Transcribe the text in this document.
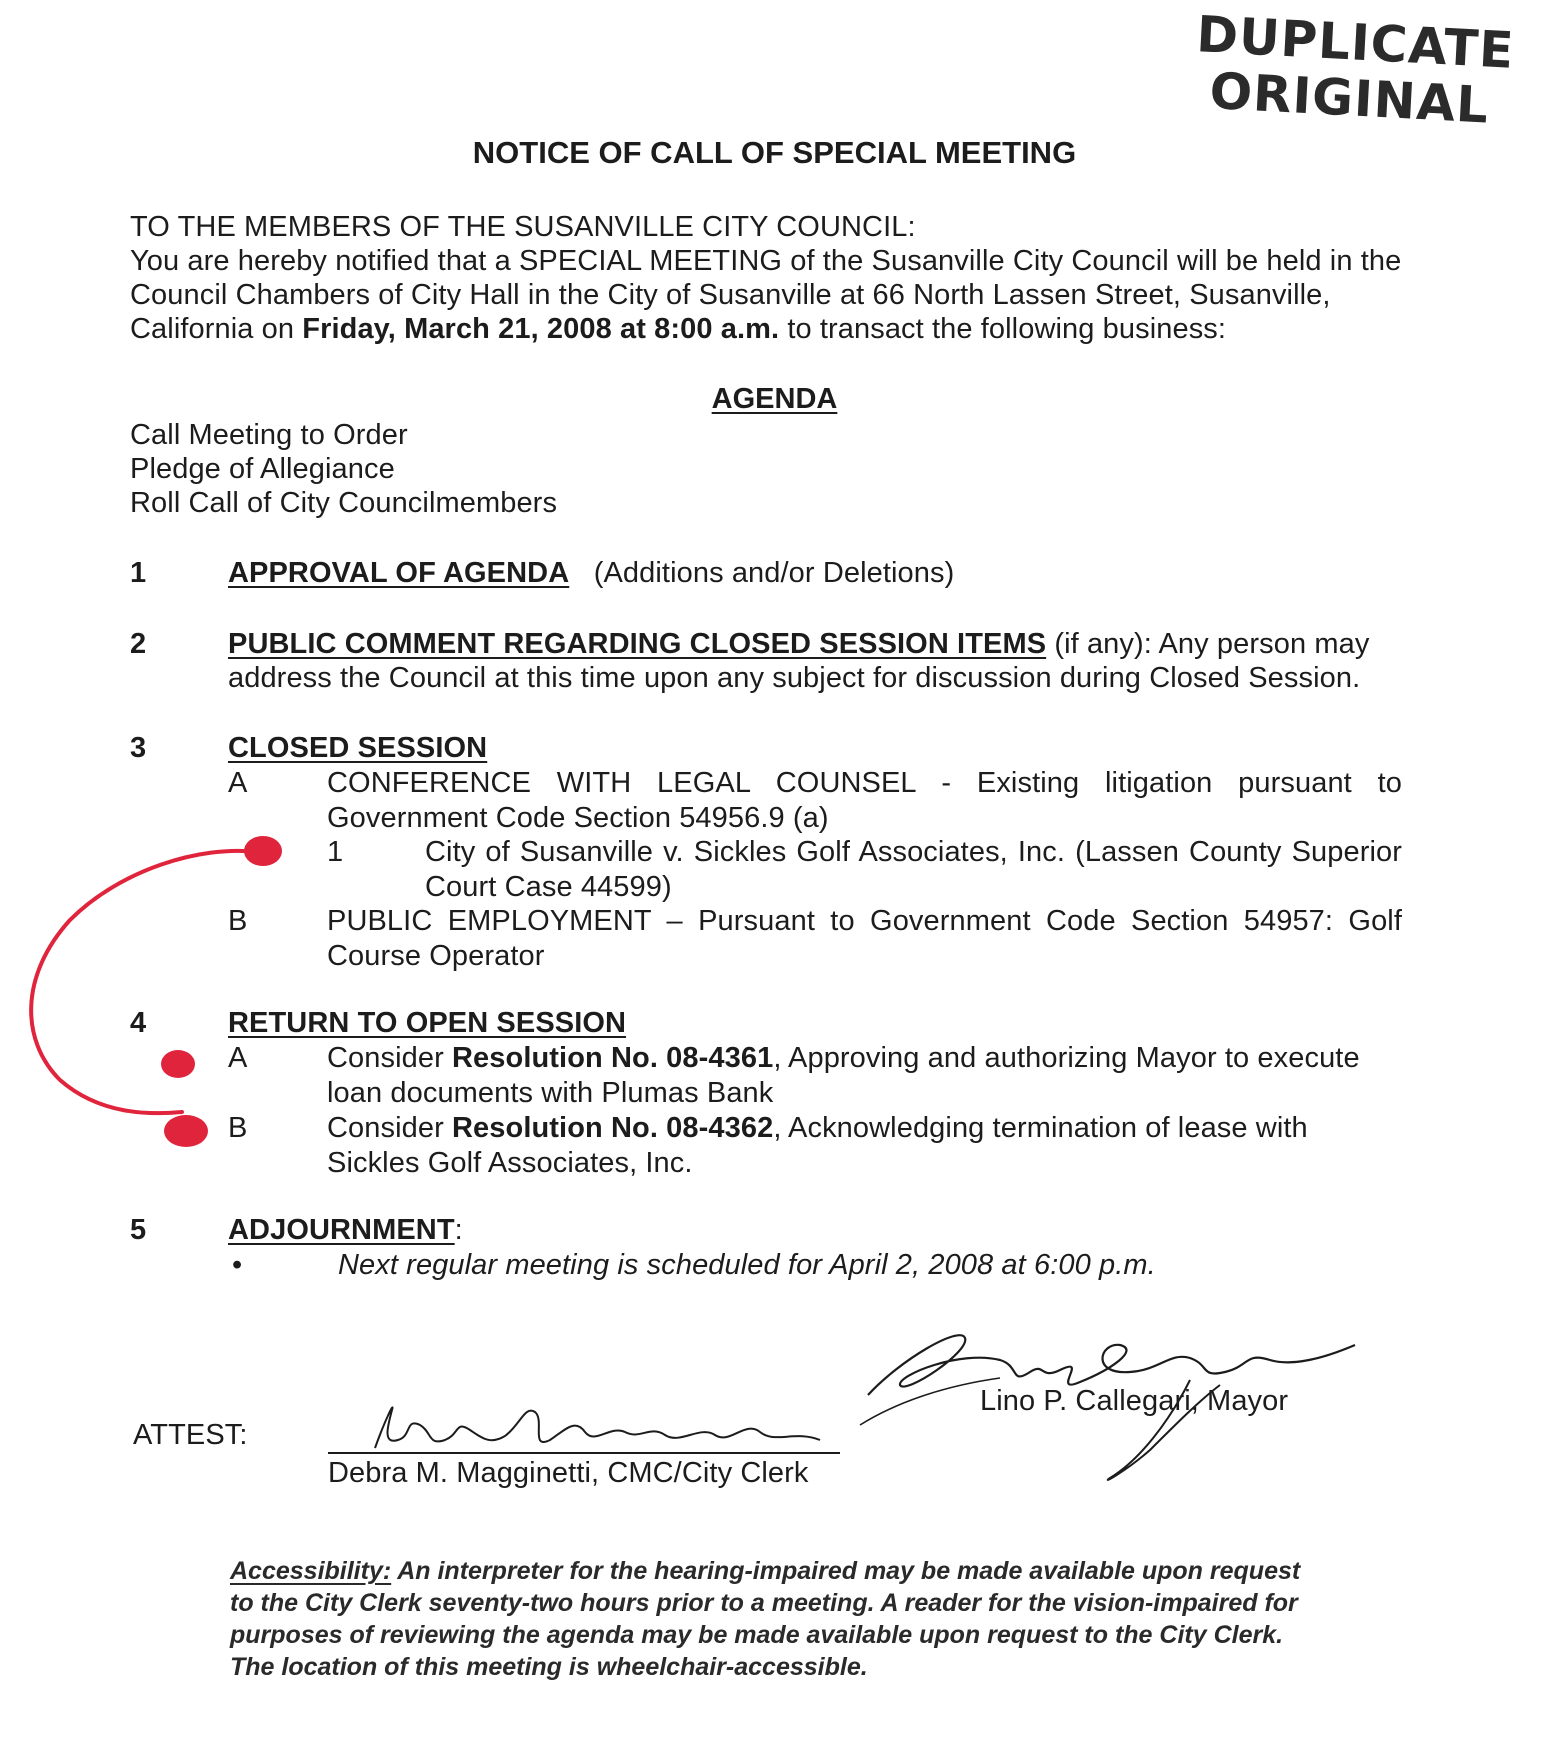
DUPLICATE
ORIGINAL
NOTICE OF CALL OF SPECIAL MEETING
TO THE MEMBERS OF THE SUSANVILLE CITY COUNCIL:
You are hereby notified that a SPECIAL MEETING of the Susanville City Council will be held in the
Council Chambers of City Hall in the City of Susanville at 66 North Lassen Street, Susanville,
California on Friday, March 21, 2008 at 8:00 a.m. to transact the following business:
AGENDA
Call Meeting to Order
Pledge of Allegiance
Roll Call of City Councilmembers
1	APPROVAL OF AGENDA (Additions and/or Deletions)
2	PUBLIC COMMENT REGARDING CLOSED SESSION ITEMS (if any): Any person may
address the Council at this time upon any subject for discussion during Closed Session.
3	CLOSED SESSION
A	CONFERENCE WITH LEGAL COUNSEL - Existing litigation pursuant to Government Code Section 54956.9 (a)
1	City of Susanville v. Sickles Golf Associates, Inc. (Lassen County Superior Court Case 44599)
B	PUBLIC EMPLOYMENT – Pursuant to Government Code Section 54957: Golf Course Operator
4	RETURN TO OPEN SESSION
A	Consider Resolution No. 08-4361, Approving and authorizing Mayor to execute loan documents with Plumas Bank
B	Consider Resolution No. 08-4362, Acknowledging termination of lease with Sickles Golf Associates, Inc.
5	ADJOURNMENT:
•	Next regular meeting is scheduled for April 2, 2008 at 6:00 p.m.
Lino P. Callegari, Mayor
ATTEST:
Debra M. Magginetti, CMC/City Clerk
Accessibility: An interpreter for the hearing-impaired may be made available upon request to the City Clerk seventy-two hours prior to a meeting. A reader for the vision-impaired for purposes of reviewing the agenda may be made available upon request to the City Clerk. The location of this meeting is wheelchair-accessible.
